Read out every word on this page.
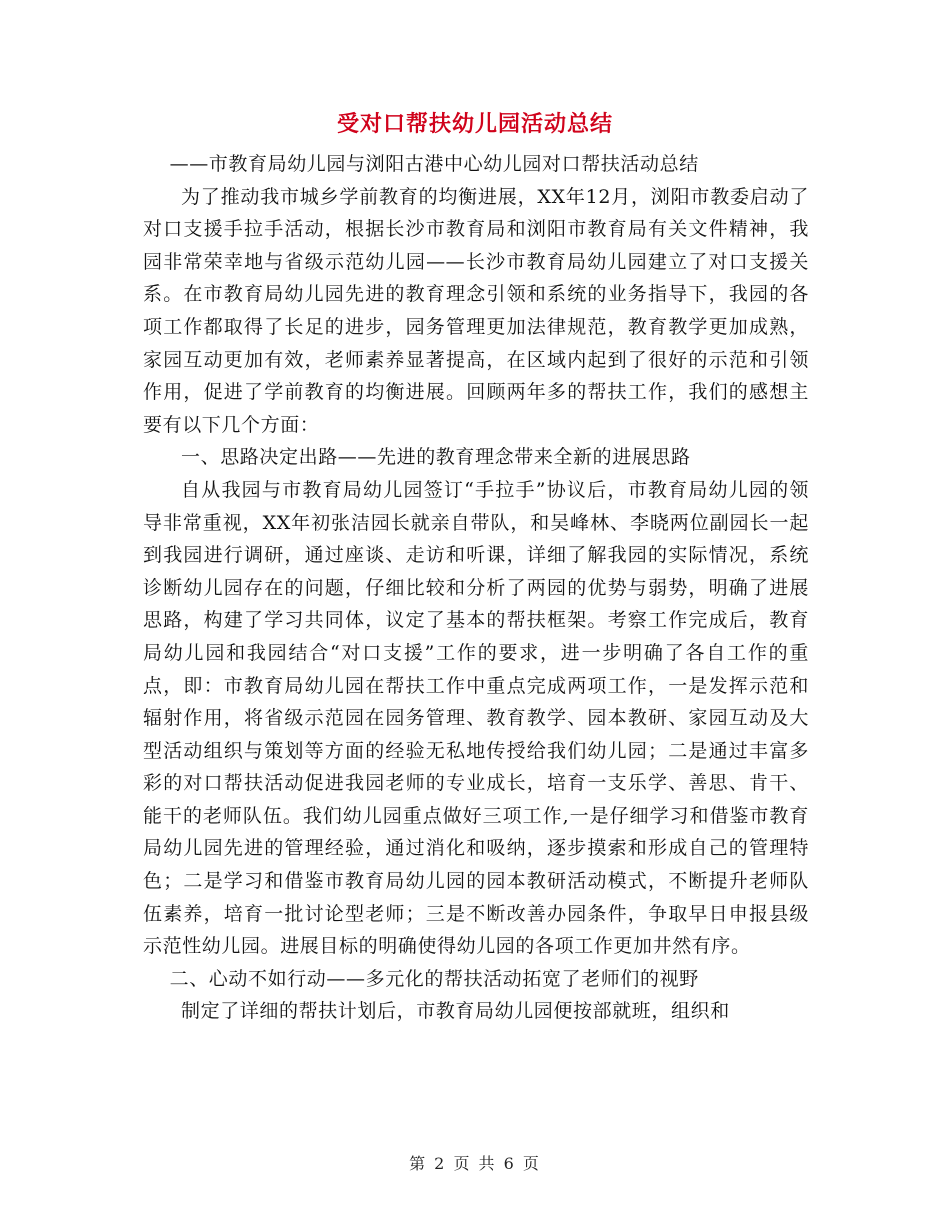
受对口帮扶幼儿园活动总结

——市教育局幼儿园与浏阳古港中心幼儿园对口帮扶活动总结

为了推动我市城乡学前教育的均衡进展，XX年12月，浏阳市教委启动了对口支援手拉手活动，根据长沙市教育局和浏阳市教育局有关文件精神，我园非常荣幸地与省级示范幼儿园——长沙市教育局幼儿园建立了对口支援关系。在市教育局幼儿园先进的教育理念引领和系统的业务指导下，我园的各项工作都取得了长足的进步，园务管理更加法律规范，教育教学更加成熟，家园互动更加有效，老师素养显著提高，在区域内起到了很好的示范和引领作用，促进了学前教育的均衡进展。回顾两年多的帮扶工作，我们的感想主要有以下几个方面：

一、思路决定出路——先进的教育理念带来全新的进展思路

自从我园与市教育局幼儿园签订“手拉手”协议后，市教育局幼儿园的领导非常重视，XX年初张洁园长就亲自带队，和吴峰林、李晓两位副园长一起到我园进行调研，通过座谈、走访和听课，详细了解我园的实际情况，系统诊断幼儿园存在的问题，仔细比较和分析了两园的优势与弱势，明确了进展思路，构建了学习共同体，议定了基本的帮扶框架。考察工作完成后，教育局幼儿园和我园结合“对口支援”工作的要求，进一步明确了各自工作的重点，即：市教育局幼儿园在帮扶工作中重点完成两项工作，一是发挥示范和辐射作用，将省级示范园在园务管理、教育教学、园本教研、家园互动及大型活动组织与策划等方面的经验无私地传授给我们幼儿园；二是通过丰富多彩的对口帮扶活动促进我园老师的专业成长，培育一支乐学、善思、肯干、能干的老师队伍。我们幼儿园重点做好三项工作,一是仔细学习和借鉴市教育局幼儿园先进的管理经验，通过消化和吸纳，逐步摸索和形成自己的管理特色；二是学习和借鉴市教育局幼儿园的园本教研活动模式，不断提升老师队伍素养，培育一批讨论型老师；三是不断改善办园条件，争取早日申报县级示范性幼儿园。进展目标的明确使得幼儿园的各项工作更加井然有序。

二、心动不如行动——多元化的帮扶活动拓宽了老师们的视野

制定了详细的帮扶计划后，市教育局幼儿园便按部就班，组织和

第 2 页 共 6 页
